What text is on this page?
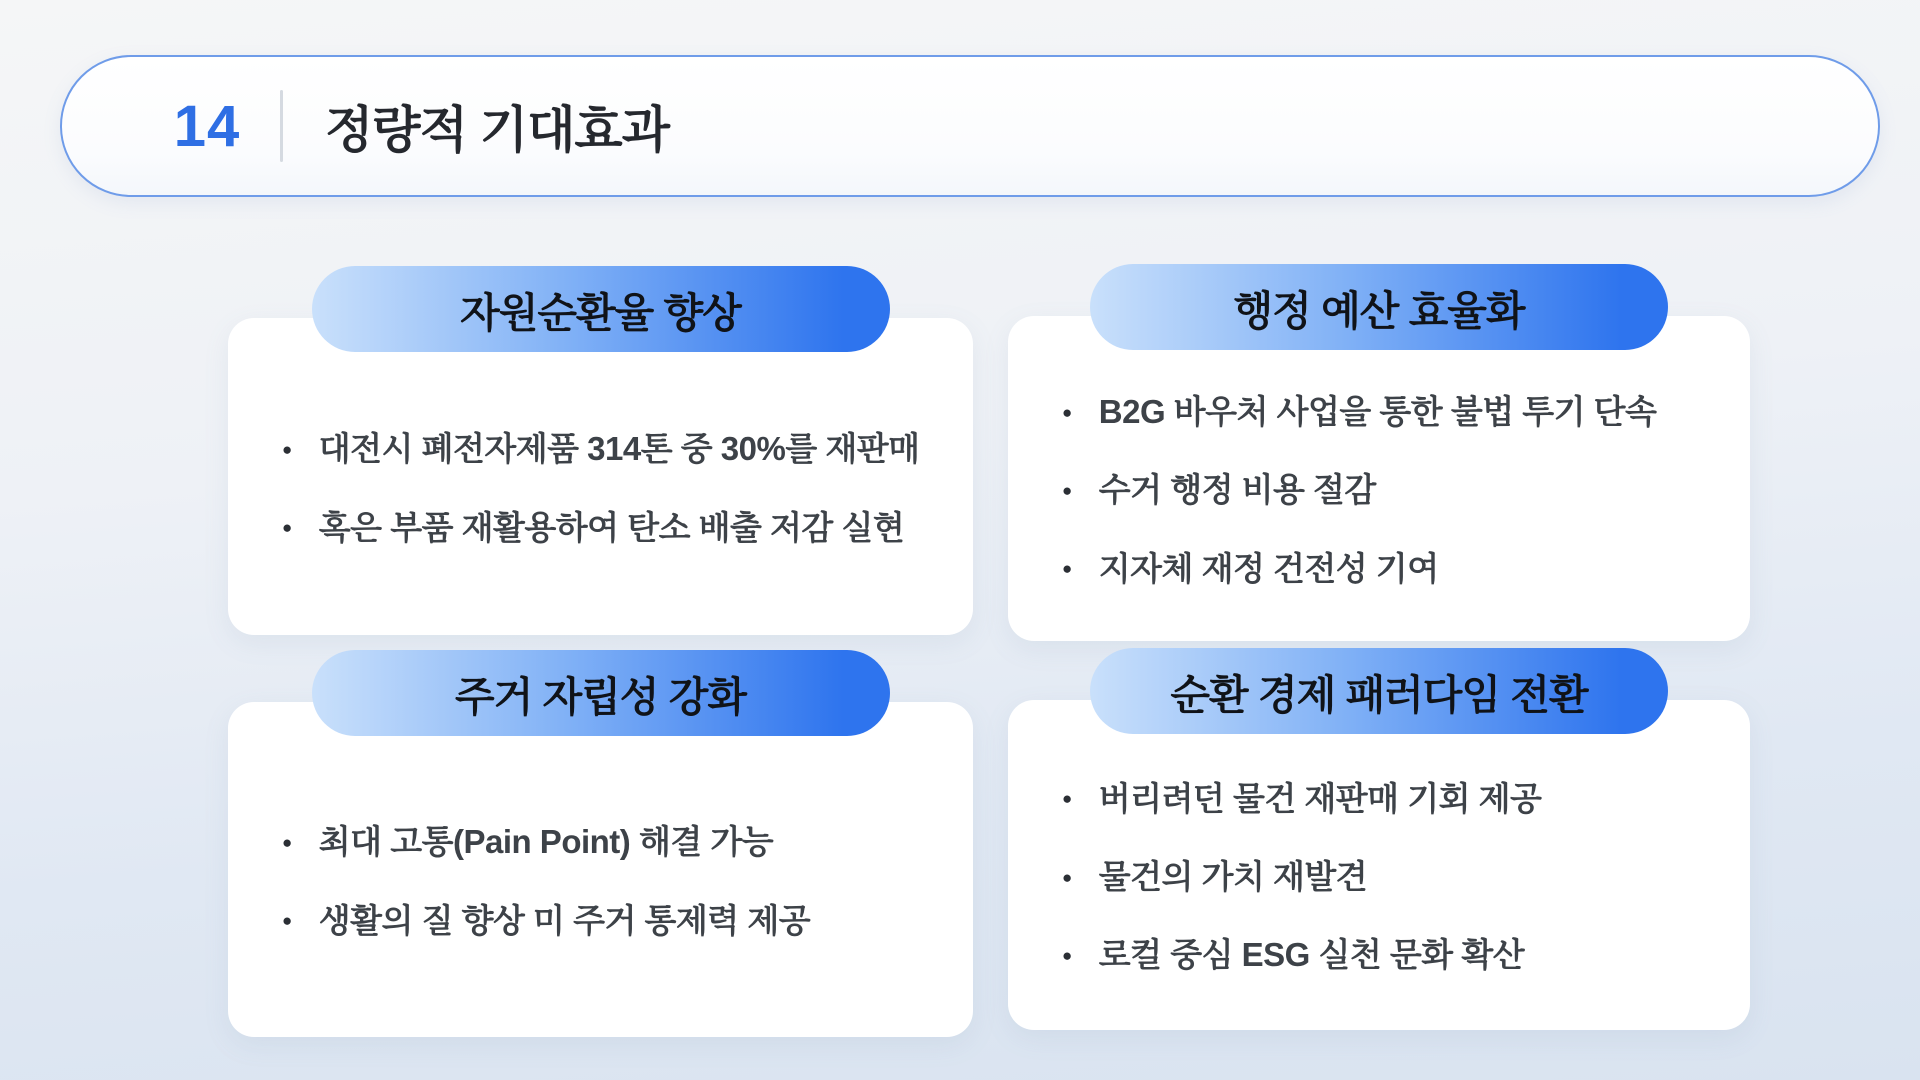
14	정량적 기대효과
자원순환율 향상
● 대전시 폐전자제품 314톤 중 30%를 재판매
● 혹은 부품 재활용하여 탄소 배출 저감 실현
행정 예산 효율화
● B2G 바우처 사업을 통한 불법 투기 단속
● 수거 행정 비용 절감
● 지자체 재정 건전성 기여
주거 자립성 강화
● 최대 고통(Pain Point) 해결 가능
● 생활의 질 향상 미 주거 통제력 제공
순환 경제 패러다임 전환
● 버리려던 물건 재판매 기회 제공
● 물건의 가치 재발견
● 로컬 중심 ESG 실천 문화 확산
